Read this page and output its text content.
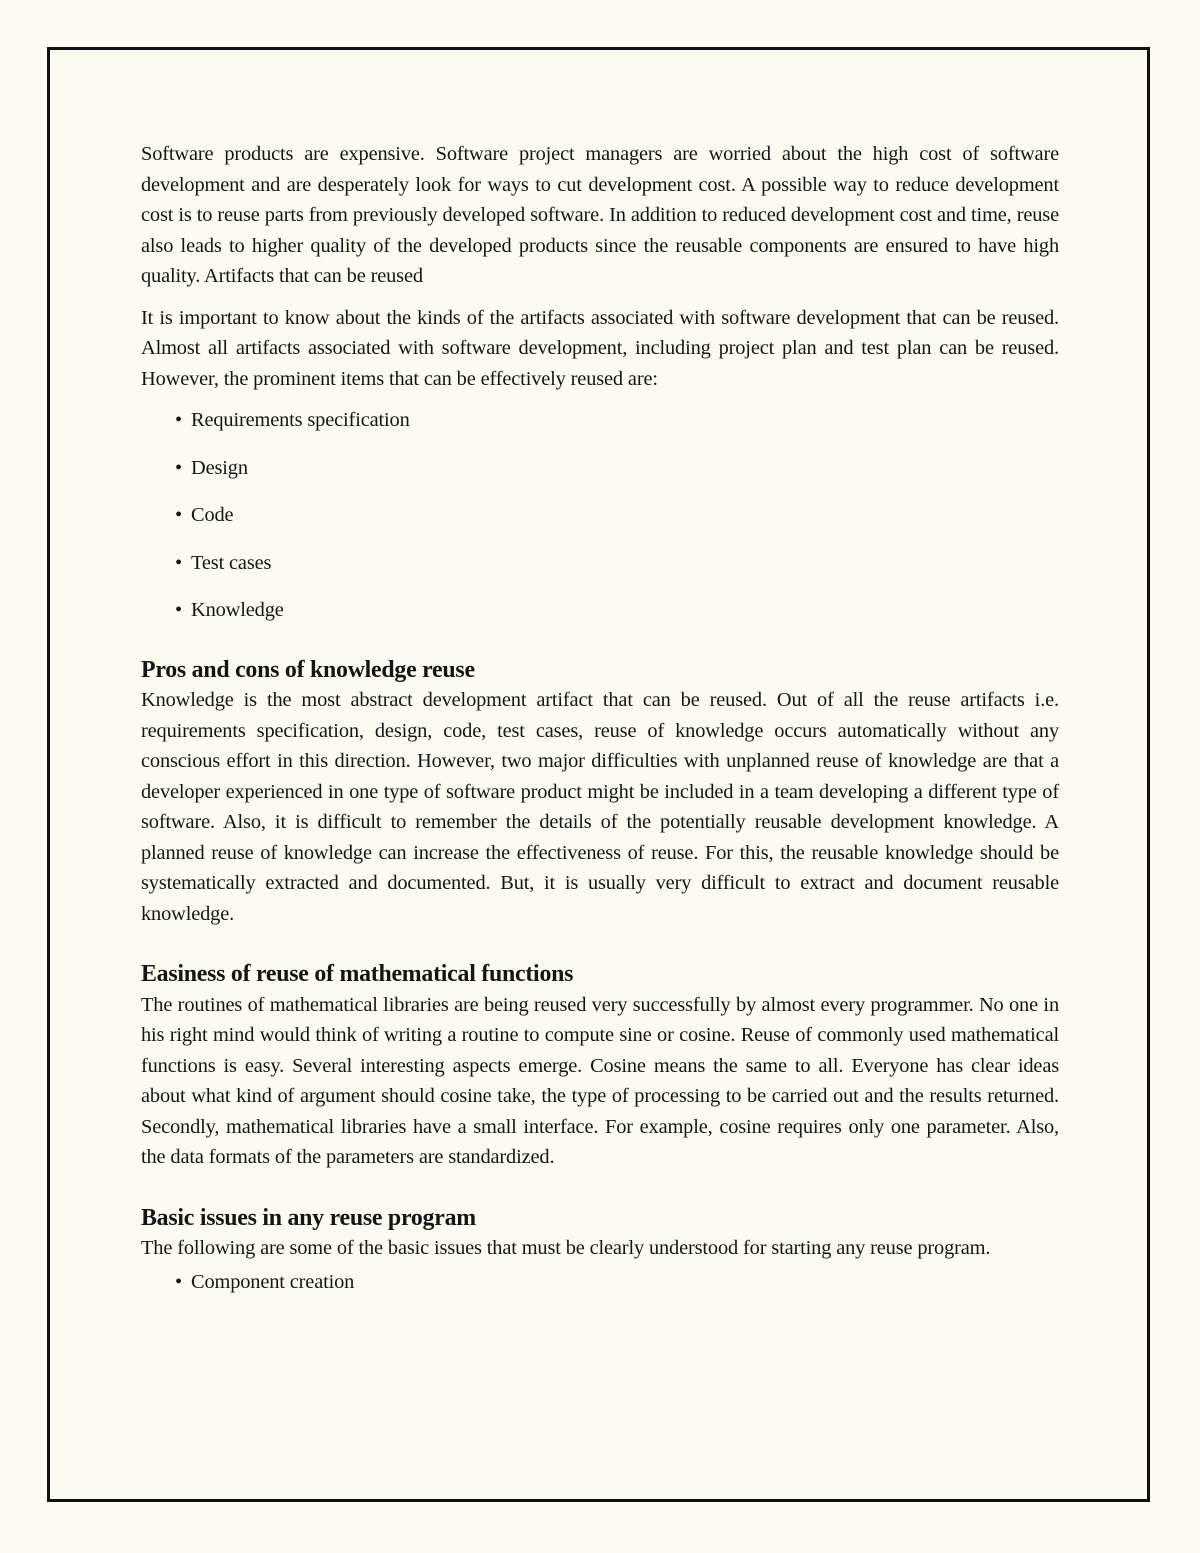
Software products are expensive. Software project managers are worried about the high cost of software development and are desperately look for ways to cut development cost. A possible way to reduce development cost is to reuse parts from previously developed software. In addition to reduced development cost and time, reuse also leads to higher quality of the developed products since the reusable components are ensured to have high quality. Artifacts that can be reused

It is important to know about the kinds of the artifacts associated with software development that can be reused. Almost all artifacts associated with software development, including project plan and test plan can be reused. However, the prominent items that can be effectively reused are:

• Requirements specification
• Design
• Code
• Test cases
• Knowledge
Pros and cons of knowledge reuse

Knowledge is the most abstract development artifact that can be reused. Out of all the reuse artifacts i.e. requirements specification, design, code, test cases, reuse of knowledge occurs automatically without any conscious effort in this direction. However, two major difficulties with unplanned reuse of knowledge are that a developer experienced in one type of software product might be included in a team developing a different type of software. Also, it is difficult to remember the details of the potentially reusable development knowledge. A planned reuse of knowledge can increase the effectiveness of reuse. For this, the reusable knowledge should be systematically extracted and documented. But, it is usually very difficult to extract and document reusable knowledge.

Easiness of reuse of mathematical functions

The routines of mathematical libraries are being reused very successfully by almost every programmer. No one in his right mind would think of writing a routine to compute sine or cosine. Reuse of commonly used mathematical functions is easy. Several interesting aspects emerge. Cosine means the same to all. Everyone has clear ideas about what kind of argument should cosine take, the type of processing to be carried out and the results returned. Secondly, mathematical libraries have a small interface. For example, cosine requires only one parameter. Also, the data formats of the parameters are standardized.

Basic issues in any reuse program

The following are some of the basic issues that must be clearly understood for starting any reuse program.

• Component creation
